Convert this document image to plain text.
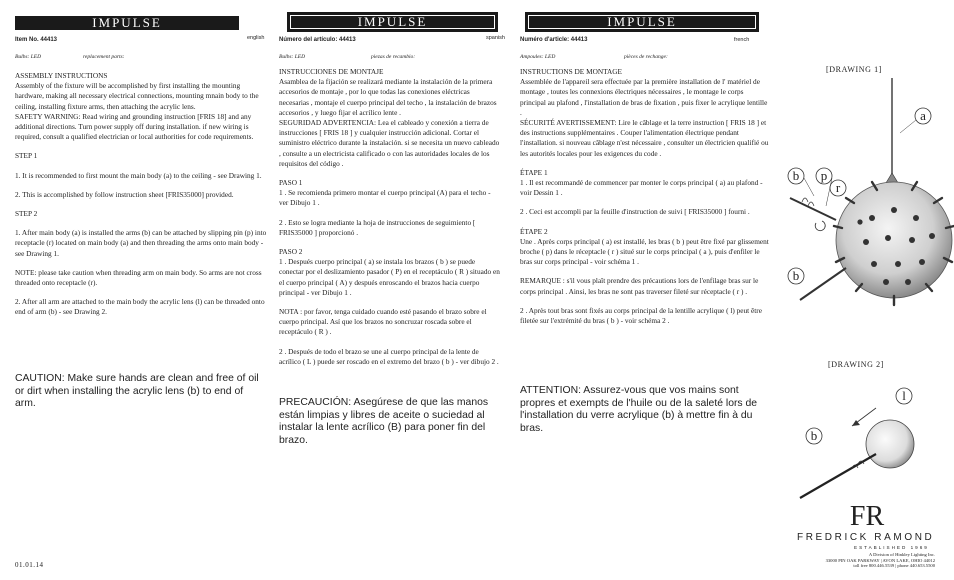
IMPULSE
Item No. 44413	english
Bulbs: LED	replacement parts:

ASSEMBLY INSTRUCTIONS

Assembly of the fixture will be accomplished by first installing the mounting hardware, making all necessary electrical connections, mounting mnain body to the ceiling, installing fixture arms, then attaching the acrylic lens.

SAFETY WARNING: Read wiring and grounding instruction [FRIS 18] and any additional directions. Turn power supply off during installation. if new wiring is required, consult a qualified electrician or local authorities for code requirements.

STEP 1

1. It is recommended to first mount the main body (a) to the ceiling - see Drawing 1.

2. This is accomplished by follow instruction sheet [FRIS35000] provided.

STEP 2

1. After main body (a) is installed the arms (b) can be attached by slipping pin (p) into receptacle (r) located on main body (a) and then threading the arms onto main body - see Drawing 1.

NOTE: please take caution when threading arm on main body. So arms are not cross threaded onto receptacle (r).

2. After all arm are attached to the main body the acrylic lens (l) can be threaded onto end of arm (b) - see Drawing 2.

CAUTION: Make sure hands are clean and free of oil or dirt when installing the acrylic lens (b) to end of arm.
01.01.14
IMPULSE
Número del artículo: 44413	spanish
Bulbs: LED	piezas de recambio:

INSTRUCCIONES DE MONTAJE

Asamblea de la fijación se realizará mediante la instalación de la primera accesorios de montaje , por lo que todas las conexiones eléctricas necesarias , montaje el cuerpo principal del techo , la instalación de brazos accesorios , y luego fijar el acrílico lente .

SEGURIDAD ADVERTENCIA: Lea el cableado y conexión a tierra de instrucciones [ FRIS 18 ] y cualquier instrucción adicional. Cortar el suministro eléctrico durante la instalación. si se necesita un nuevo cableado , consulte a un electricista calificado o con las autoridades locales de los requisitos del código .

PASO 1

1 . Se recomienda primero montar el cuerpo principal (A) para el techo - ver Dibujo 1 .

2 . Esto se logra mediante la hoja de instrucciones de seguimiento [ FRIS35000 ] proporcionó .

PASO 2

1 . Después cuerpo principal ( a) se instala los brazos ( b ) se puede conectar por el deslizamiento pasador ( P) en el receptáculo ( R ) situado en el cuerpo principal ( A) y después enroscando el brazos hacia cuerpo principal - ver Dibujo 1 .

NOTA : por favor, tenga cuidado cuando esté pasando el brazo sobre el cuerpo principal. Así que los brazos no soncruzar roscada sobre el receptáculo ( R ) .

2 . Después de todo el brazo se une al cuerpo principal de la lente de acrílico ( L ) puede ser roscado en el extremo del brazo ( b ) - ver dibujo 2 .

PRECAUCIÓN: Asegúrese de que las manos están limpias y libres de aceite o suciedad al instalar la lente acrílico (B) para poner fin del brazo.
IMPULSE
Numéro d'article: 44413	french
Ampoules: LED	pièces de rechange:

INSTRUCTIONS DE MONTAGE

Assemblée de l'appareil sera effectuée par la première installation de l' matériel de montage , toutes les connexions électriques nécessaires , le montage le corps principal au plafond , l'installation de bras de fixation , puis fixer le acrylique lentille .

SÉCURITÉ AVERTISSEMENT: Lire le câblage et la terre instruction [ FRIS 18 ] et des instructions supplémentaires . Couper l'alimentation électrique pendant l'installation. si nouveau câblage n'est nécessaire , consulter un électricien qualifié ou les autorités locales pour les exigences du code .

ÉTAPE 1

1 . Il est recommandé de commencer par monter le corps principal ( a) au plafond - voir Dessin 1 .

2 . Ceci est accompli par la feuille d'instruction de suivi [ FRIS35000 ] fourni .

ÉTAPE 2

Une . Après corps principal ( a) est installé, les bras ( b ) peut être fixé par glissement broche ( p) dans le réceptacle ( r ) situé sur le corps principal ( a ), puis d'enfiler le bras sur corps principal - voir schéma 1 .

REMARQUE : s'il vous plaît prendre des précautions lors de l'enfilage bras sur le corps principal . Ainsi, les bras ne sont pas traverser fileté sur réceptacle ( r ) .

2 . Après tout bras sont fixés au corps principal de la lentille acrylique ( l) peut être filetée sur l'extrémité du bras ( b ) - voir schéma 2 .

ATTENTION: Assurez-vous que vos mains sont propres et exempts de l'huile ou de la saleté lors de l'installation du verre acrylique (b) à mettre fin à du bras.
[DRAWING 1]
a
b p
r
b
[DRAWING 2]
l
b
FR
FREDRICK RAMOND
ESTABLISHED 1969
A Division of Hinkley Lighting Inc.
33000 PIN OAK PARKWAY | AVON LAKE, OHIO 44012
toll free 800.446.5539 | phone 440.653.5500
